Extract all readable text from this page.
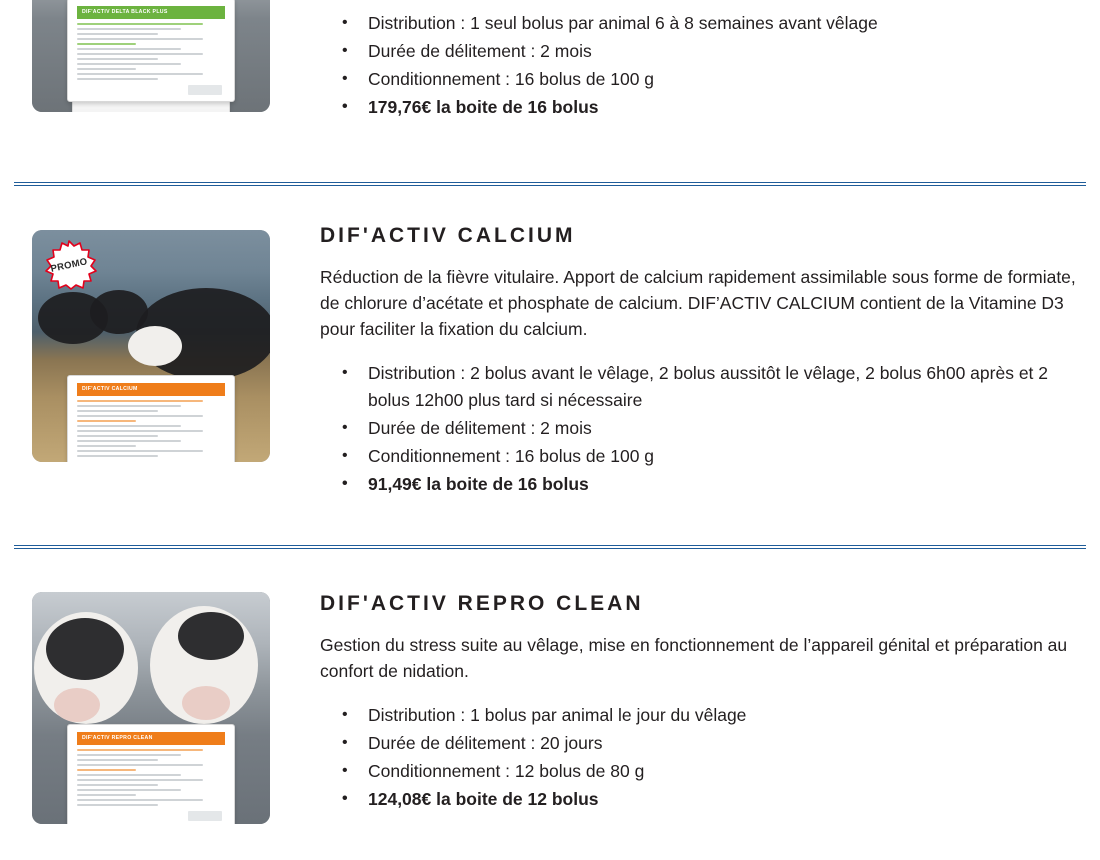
DIF'ACTIV DELTA BLACK PLUS
• Distribution : 1 seul bolus par animal 6 à 8 semaines avant vêlage
• Durée de délitement : 2 mois
• Conditionnement : 16 bolus de 100 g
• 179,76€ la boite de 16 bolus
PROMO
DIF'ACTIV CALCIUM
DIF'ACTIV CALCIUM

Réduction de la fièvre vitulaire. Apport de calcium rapidement assimilable sous forme de formiate, de chlorure d’acétate et phosphate de calcium. DIF’ACTIV CALCIUM contient de la Vitamine D3 pour faciliter la fixation du calcium.

• Distribution : 2 bolus avant le vêlage, 2 bolus aussitôt le vêlage, 2 bolus 6h00 après et 2 bolus 12h00 plus tard si nécessaire
• Durée de délitement : 2 mois
• Conditionnement : 16 bolus de 100 g
• 91,49€ la boite de 16 bolus
DIF'ACTIV REPRO CLEAN
DIF'ACTIV REPRO CLEAN

Gestion du stress suite au vêlage, mise en fonctionnement de l’appareil génital et préparation au confort de nidation.

• Distribution : 1 bolus par animal le jour du vêlage
• Durée de délitement : 20 jours
• Conditionnement : 12 bolus de 80 g
• 124,08€ la boite de 12 bolus
